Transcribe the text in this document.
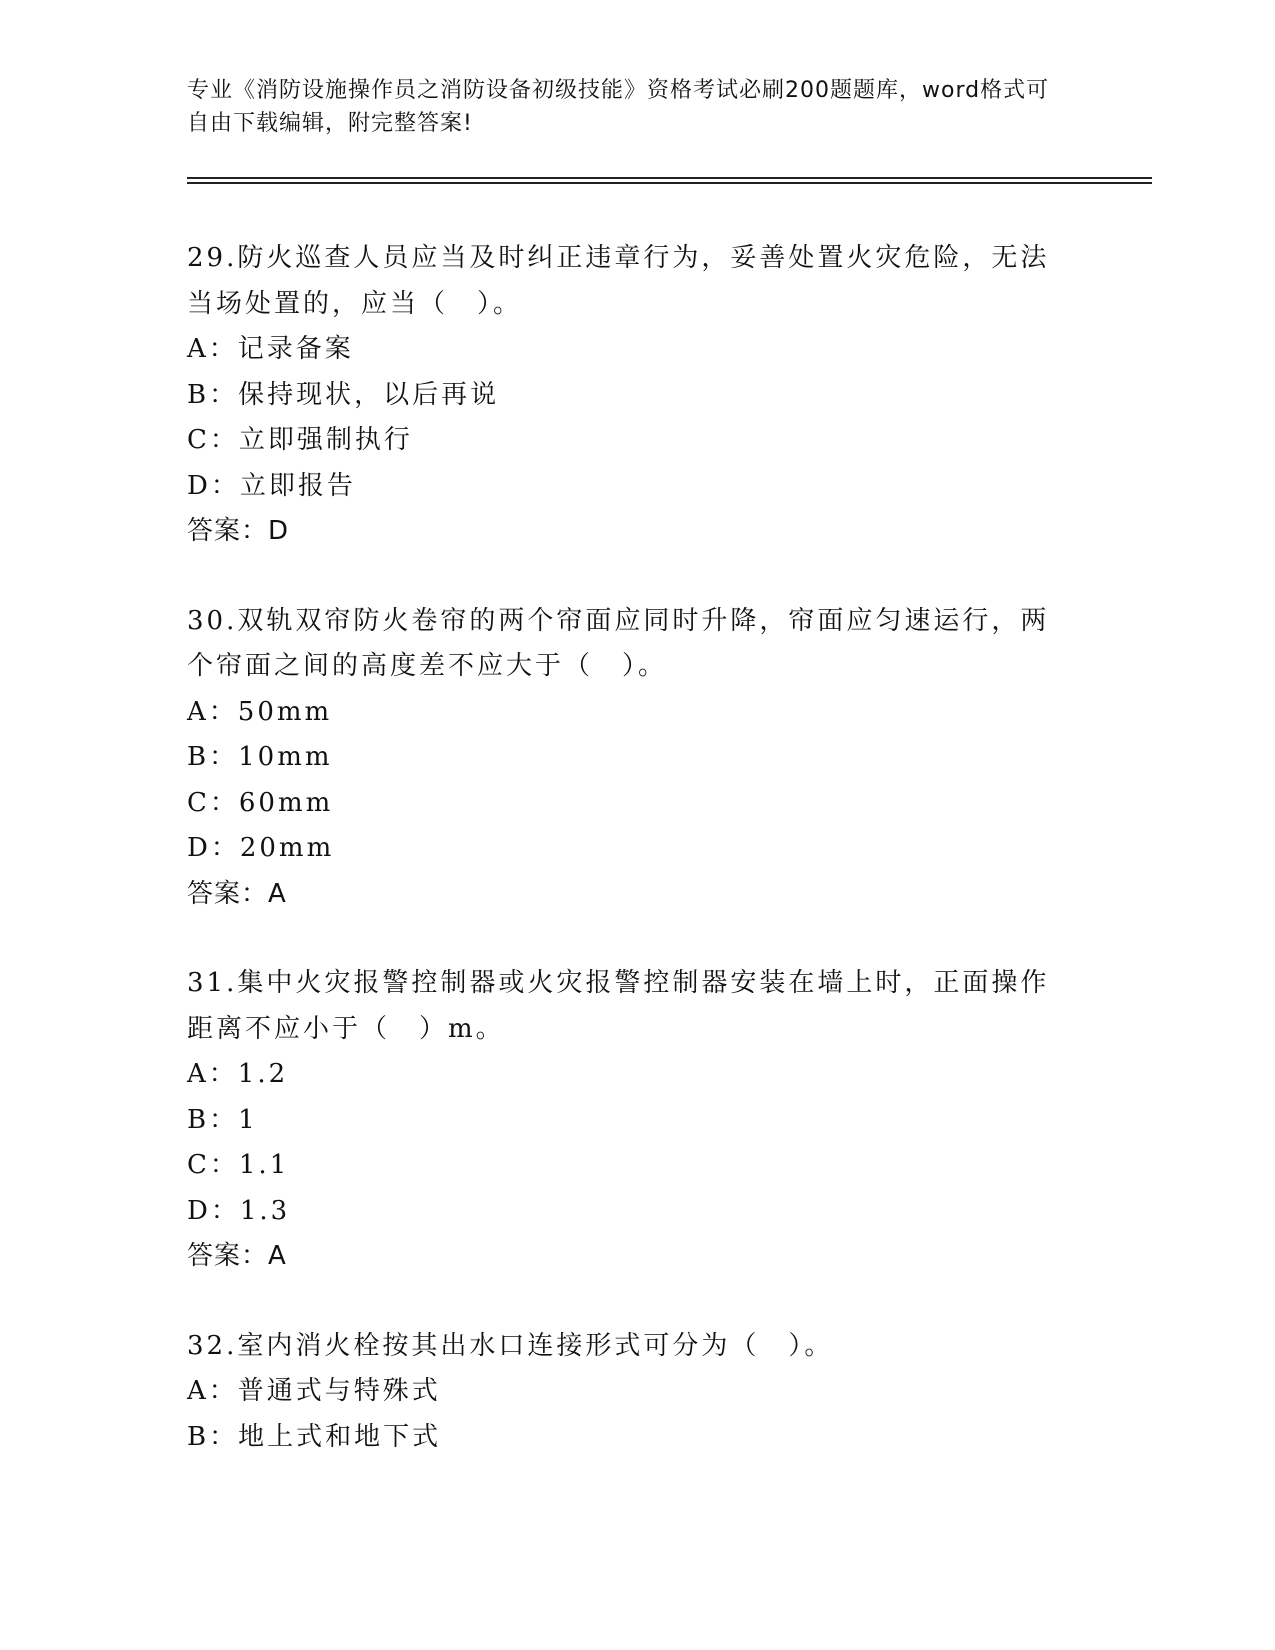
专业《消防设施操作员之消防设备初级技能》资格考试必刷200题题库，word格式可自由下载编辑，附完整答案!

29.防火巡查人员应当及时纠正违章行为，妥善处置火灾危险，无法当场处置的，应当（　）。

A：记录备案

B：保持现状，以后再说

C：立即强制执行

D：立即报告

答案：D

30.双轨双帘防火卷帘的两个帘面应同时升降，帘面应匀速运行，两个帘面之间的高度差不应大于（　）。

A：50mm

B：10mm

C：60mm

D：20mm

答案：A

31.集中火灾报警控制器或火灾报警控制器安装在墙上时，正面操作距离不应小于（　）m。

A：1.2

B：1

C：1.1

D：1.3

答案：A

32.室内消火栓按其出水口连接形式可分为（　）。

A：普通式与特殊式

B：地上式和地下式
